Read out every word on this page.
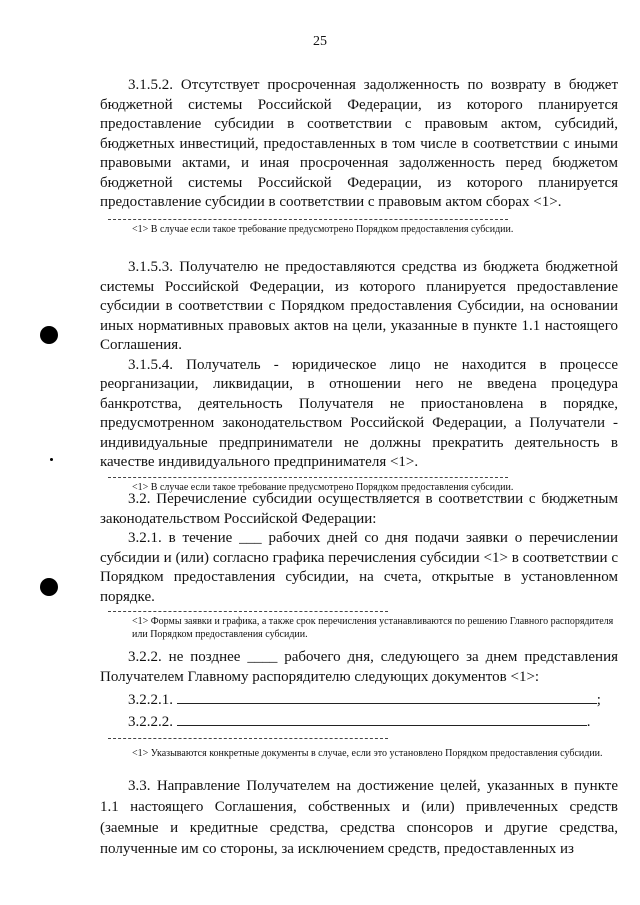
25

3.1.5.2. Отсутствует просроченная задолженность по возврату в бюджет бюджетной системы Российской Федерации, из которого планируется предоставление субсидии в соответствии с правовым актом, субсидий, бюджетных инвестиций, предоставленных в том числе в соответствии с иными правовыми актами, и иная просроченная задолженность перед бюджетом бюджетной системы Российской Федерации, из которого планируется предоставление субсидии в соответствии с правовым актом сборах <1>.

<1> В случае если такое требование предусмотрено Порядком предоставления субсидии.

3.1.5.3. Получателю не предоставляются средства из бюджета бюджетной системы Российской Федерации, из которого планируется предоставление субсидии в соответствии с Порядком предоставления Субсидии, на основании иных нормативных правовых актов на цели, указанные в пункте 1.1 настоящего Соглашения.

3.1.5.4. Получатель - юридическое лицо не находится в процессе реорганизации, ликвидации, в отношении него не введена процедура банкротства, деятельность Получателя не приостановлена в порядке, предусмотренном законодательством Российской Федерации, а Получатели - индивидуальные предприниматели не должны прекратить деятельность в качестве индивидуального предпринимателя <1>.

<1> В случае если такое требование предусмотрено Порядком предоставления субсидии.

3.2. Перечисление субсидии осуществляется в соответствии с бюджетным законодательством Российской Федерации:

3.2.1. в течение ___ рабочих дней со дня подачи заявки о перечислении субсидии и (или) согласно графика перечисления субсидии <1> в соответствии с Порядком предоставления субсидии, на счета, открытые в установленном порядке.

<1> Формы заявки и графика, а также срок перечисления устанавливаются по решению Главного распорядителя или Порядком предоставления субсидии.

3.2.2. не позднее ____ рабочего дня, следующего за днем представления Получателем Главному распорядителю следующих документов <1>:

3.2.2.1.	;
3.2.2.2.	.

<1> Указываются конкретные документы в случае, если это установлено Порядком предоставления субсидии.

3.3. Направление Получателем на достижение целей, указанных в пункте 1.1 настоящего Соглашения, собственных и (или) привлеченных средств (заемные и кредитные средства, средства спонсоров и другие средства, полученные им со стороны, за исключением средств, предоставленных из
